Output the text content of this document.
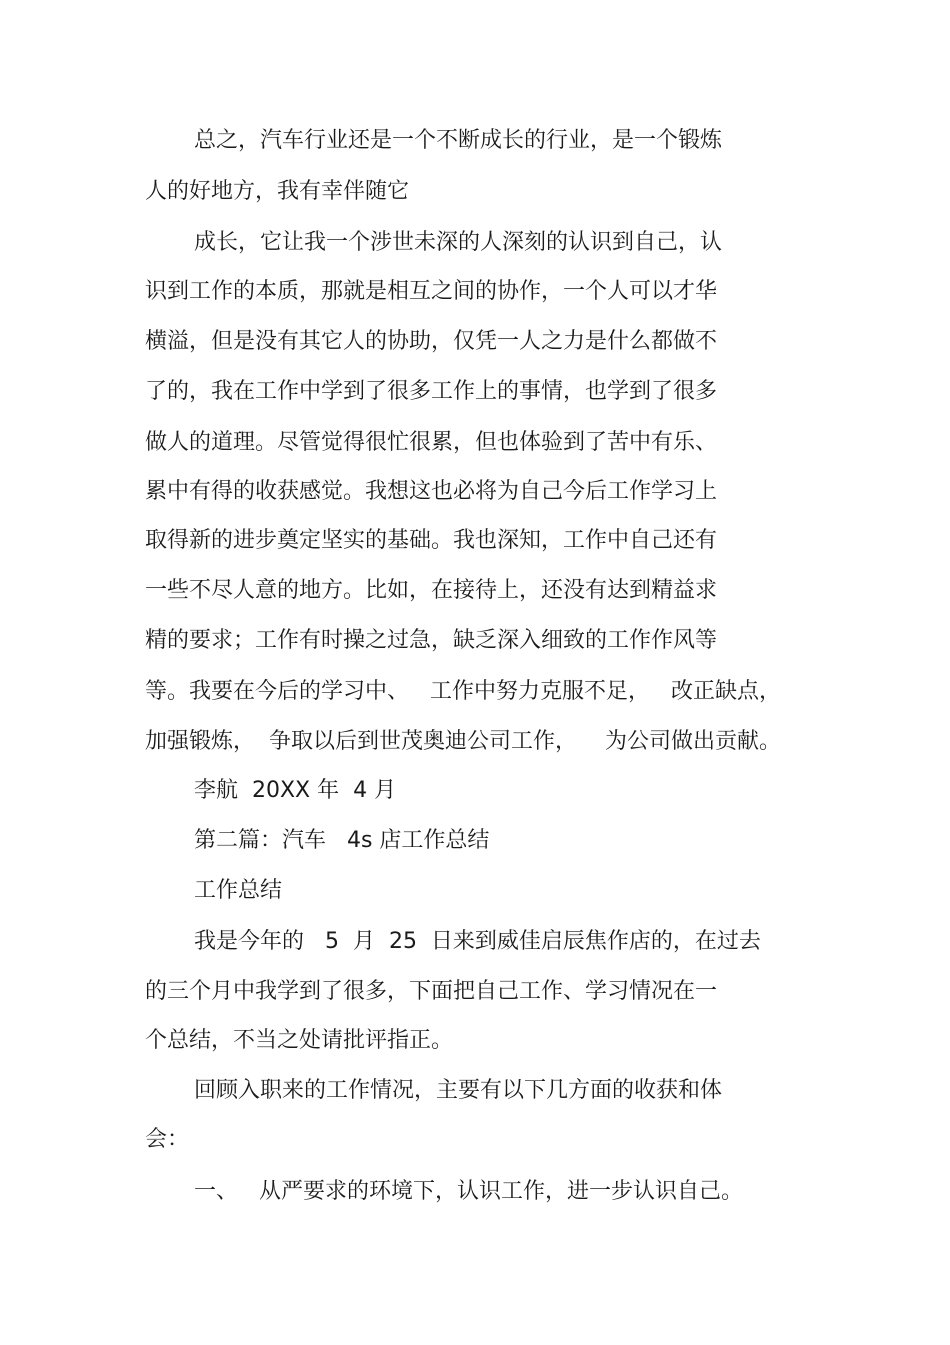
总之，汽车行业还是一个不断成长的行业，是一个锻炼
人的好地方，我有幸伴随它
成长，它让我一个涉世未深的人深刻的认识到自己，认
识到工作的本质，那就是相互之间的协作，一个人可以才华
横溢，但是没有其它人的协助，仅凭一人之力是什么都做不
了的，我在工作中学到了很多工作上的事情，也学到了很多
做人的道理。尽管觉得很忙很累，但也体验到了苦中有乐、
累中有得的收获感觉。我想这也必将为自己今后工作学习上
取得新的进步奠定坚实的基础。我也深知，工作中自己还有
一些不尽人意的地方。比如，在接待上，还没有达到精益求
精的要求；工作有时操之过急，缺乏深入细致的工作作风等
等。我要在今后的学习中、   工作中努力克服不足，   改正缺点，
加强锻炼，  争取以后到世茂奥迪公司工作，    为公司做出贡献。
李航  20XX 年  4 月
第二篇：汽车   4s 店工作总结
工作总结
我是今年的   5  月  25  日来到威佳启辰焦作店的，在过去
的三个月中我学到了很多，下面把自己工作、学习情况在一
个总结，不当之处请批评指正。
回顾入职来的工作情况，主要有以下几方面的收获和体
会：
一、   从严要求的环境下，认识工作，进一步认识自己。
